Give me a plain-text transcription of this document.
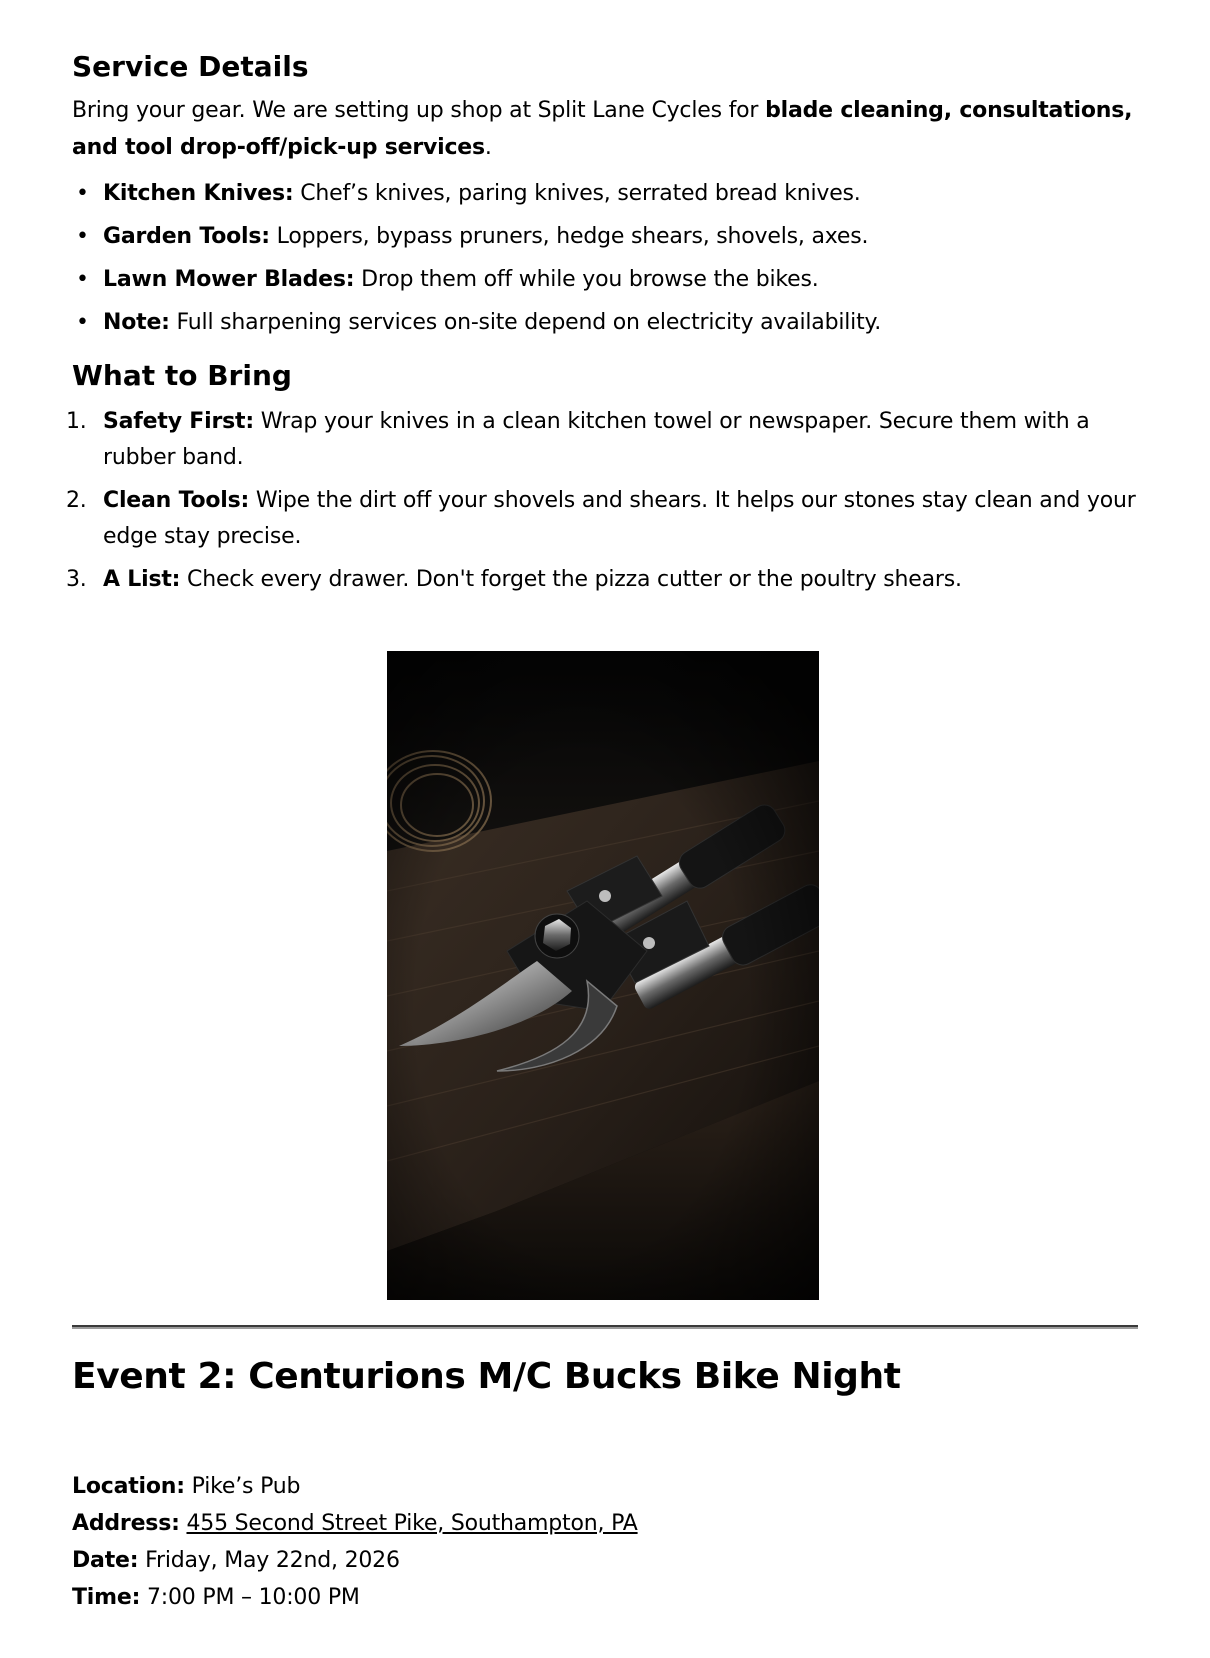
Service Details

Bring your gear. We are setting up shop at Split Lane Cycles for blade cleaning, consultations, and tool drop-off/pick-up services.

• Kitchen Knives: Chef’s knives, paring knives, serrated bread knives.
• Garden Tools: Loppers, bypass pruners, hedge shears, shovels, axes.
• Lawn Mower Blades: Drop them off while you browse the bikes.
• Note: Full sharpening services on-site depend on electricity availability.
What to Bring
1. Safety First: Wrap your knives in a clean kitchen towel or newspaper. Secure them with a rubber band.
2. Clean Tools: Wipe the dirt off your shovels and shears. It helps our stones stay clean and your edge stay precise.
3. A List: Check every drawer. Don't forget the pizza cutter or the poultry shears.
Event 2: Centurions M/C Bucks Bike Night
Location: Pike’s Pub
Address: 455 Second Street Pike, Southampton, PA
Date: Friday, May 22nd, 2026
Time: 7:00 PM – 10:00 PM
